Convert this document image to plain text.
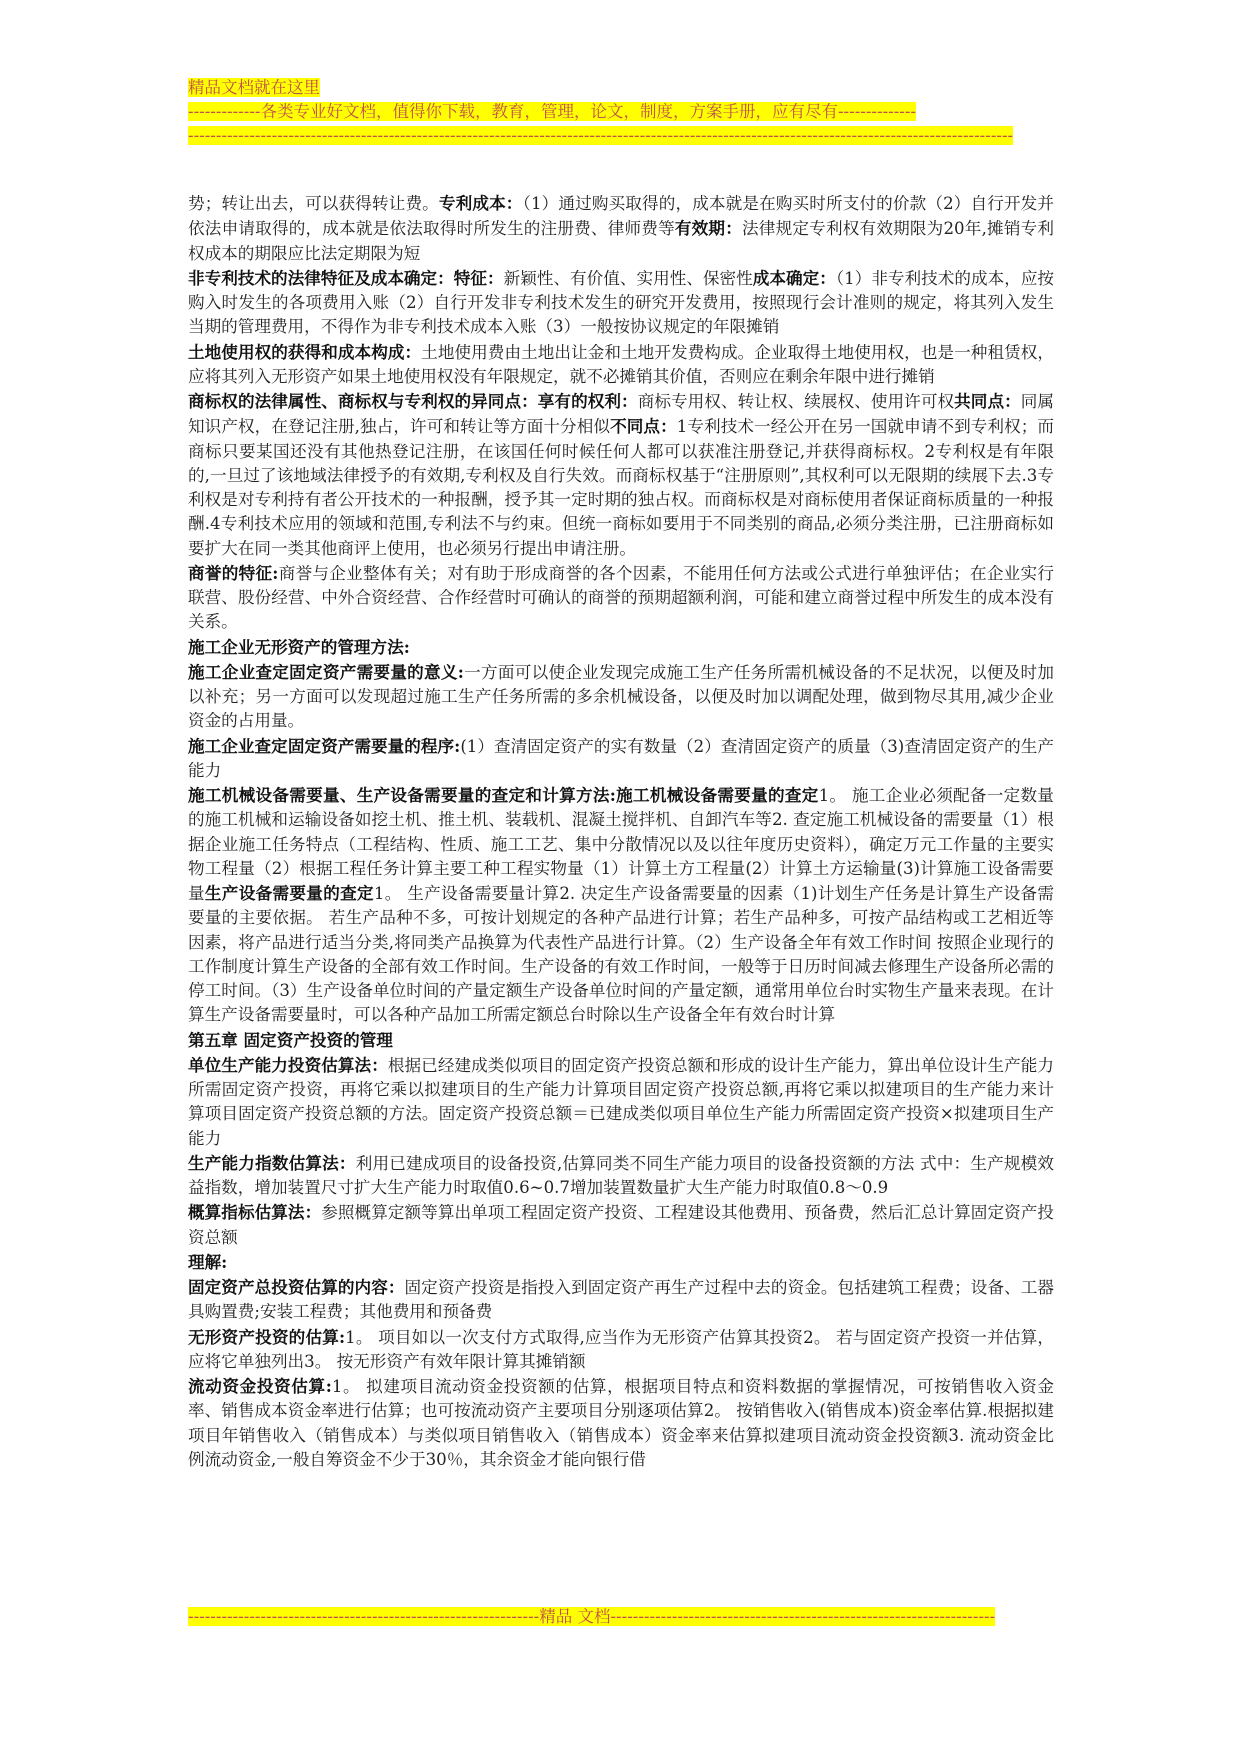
精品文档就在这里
-------------各类专业好文档，值得你下载，教育，管理，论文，制度，方案手册，应有尽有--------------
----------------------------------------------------------------------------------------------------------------------------------------------------

势；转让出去，可以获得转让费。专利成本：（1）通过购买取得的，成本就是在购买时所支付的价款（2）自行开发并依法申请取得的，成本就是依法取得时所发生的注册费、律师费等有效期：法律规定专利权有效期限为20年,摊销专利权成本的期限应比法定期限为短

非专利技术的法律特征及成本确定：特征：新颖性、有价值、实用性、保密性成本确定：（1）非专利技术的成本，应按购入时发生的各项费用入账（2）自行开发非专利技术发生的研究开发费用，按照现行会计准则的规定，将其列入发生当期的管理费用，不得作为非专利技术成本入账（3）一般按协议规定的年限摊销

土地使用权的获得和成本构成：土地使用费由土地出让金和土地开发费构成。企业取得土地使用权，也是一种租赁权，应将其列入无形资产如果土地使用权没有年限规定，就不必摊销其价值，否则应在剩余年限中进行摊销

商标权的法律属性、商标权与专利权的异同点：享有的权利：商标专用权、转让权、续展权、使用许可权共同点：同属知识产权，在登记注册,独占，许可和转让等方面十分相似不同点：1专利技术一经公开在另一国就申请不到专利权；而商标只要某国还没有其他热登记注册，在该国任何时候任何人都可以获准注册登记,并获得商标权。2专利权是有年限的,一旦过了该地域法律授予的有效期,专利权及自行失效。而商标权基于“注册原则”,其权利可以无限期的续展下去.3专利权是对专利持有者公开技术的一种报酬，授予其一定时期的独占权。而商标权是对商标使用者保证商标质量的一种报酬.4专利技术应用的领域和范围,专利法不与约束。但统一商标如要用于不同类别的商品,必须分类注册，已注册商标如要扩大在同一类其他商评上使用，也必须另行提出申请注册。

商誉的特征:商誉与企业整体有关；对有助于形成商誉的各个因素，不能用任何方法或公式进行单独评估；在企业实行联营、股份经营、中外合资经营、合作经营时可确认的商誉的预期超额利润，可能和建立商誉过程中所发生的成本没有关系。

施工企业无形资产的管理方法:

施工企业查定固定资产需要量的意义:一方面可以使企业发现完成施工生产任务所需机械设备的不足状况，以便及时加以补充；另一方面可以发现超过施工生产任务所需的多余机械设备，以便及时加以调配处理，做到物尽其用,减少企业资金的占用量。

施工企业查定固定资产需要量的程序:(1）查清固定资产的实有数量（2）查清固定资产的质量（3)查清固定资产的生产能力

施工机械设备需要量、生产设备需要量的查定和计算方法:施工机械设备需要量的查定1。 施工企业必须配备一定数量的施工机械和运输设备如挖土机、推土机、装载机、混凝土搅拌机、自卸汽车等2. 查定施工机械设备的需要量（1）根据企业施工任务特点（工程结构、性质、施工工艺、集中分散情况以及以往年度历史资料），确定万元工作量的主要实物工程量（2）根据工程任务计算主要工种工程实物量（1）计算土方工程量(2）计算土方运输量(3)计算施工设备需要量生产设备需要量的查定1。 生产设备需要量计算2. 决定生产设备需要量的因素（1)计划生产任务是计算生产设备需要量的主要依据。 若生产品种不多，可按计划规定的各种产品进行计算；若生产品种多，可按产品结构或工艺相近等因素，将产品进行适当分类,将同类产品换算为代表性产品进行计算。（2）生产设备全年有效工作时间 按照企业现行的工作制度计算生产设备的全部有效工作时间。生产设备的有效工作时间，一般等于日历时间减去修理生产设备所必需的停工时间。（3）生产设备单位时间的产量定额生产设备单位时间的产量定额，通常用单位台时实物生产量来表现。在计算生产设备需要量时，可以各种产品加工所需定额总台时除以生产设备全年有效台时计算

第五章 固定资产投资的管理

单位生产能力投资估算法：根据已经建成类似项目的固定资产投资总额和形成的设计生产能力，算出单位设计生产能力所需固定资产投资，再将它乘以拟建项目的生产能力计算项目固定资产投资总额,再将它乘以拟建项目的生产能力来计算项目固定资产投资总额的方法。固定资产投资总额＝已建成类似项目单位生产能力所需固定资产投资×拟建项目生产能力

生产能力指数估算法：利用已建成项目的设备投资,估算同类不同生产能力项目的设备投资额的方法 式中：生产规模效益指数，增加装置尺寸扩大生产能力时取值0.6~0.7增加装置数量扩大生产能力时取值0.8～0.9

概算指标估算法：参照概算定额等算出单项工程固定资产投资、工程建设其他费用、预备费，然后汇总计算固定资产投资总额

理解:

固定资产总投资估算的内容：固定资产投资是指投入到固定资产再生产过程中去的资金。包括建筑工程费；设备、工器具购置费;安装工程费；其他费用和预备费

无形资产投资的估算:1。 项目如以一次支付方式取得,应当作为无形资产估算其投资2。 若与固定资产投资一并估算，应将它单独列出3。 按无形资产有效年限计算其摊销额

流动资金投资估算:1。 拟建项目流动资金投资额的估算，根据项目特点和资料数据的掌握情况，可按销售收入资金率、销售成本资金率进行估算；也可按流动资产主要项目分别逐项估算2。 按销售收入(销售成本)资金率估算.根据拟建项目年销售收入（销售成本）与类似项目销售收入（销售成本）资金率来估算拟建项目流动资金投资额3. 流动资金比例流动资金,一般自筹资金不少于30％，其余资金才能向银行借

---------------------------------------------------------------精品 文档---------------------------------------------------------------------
